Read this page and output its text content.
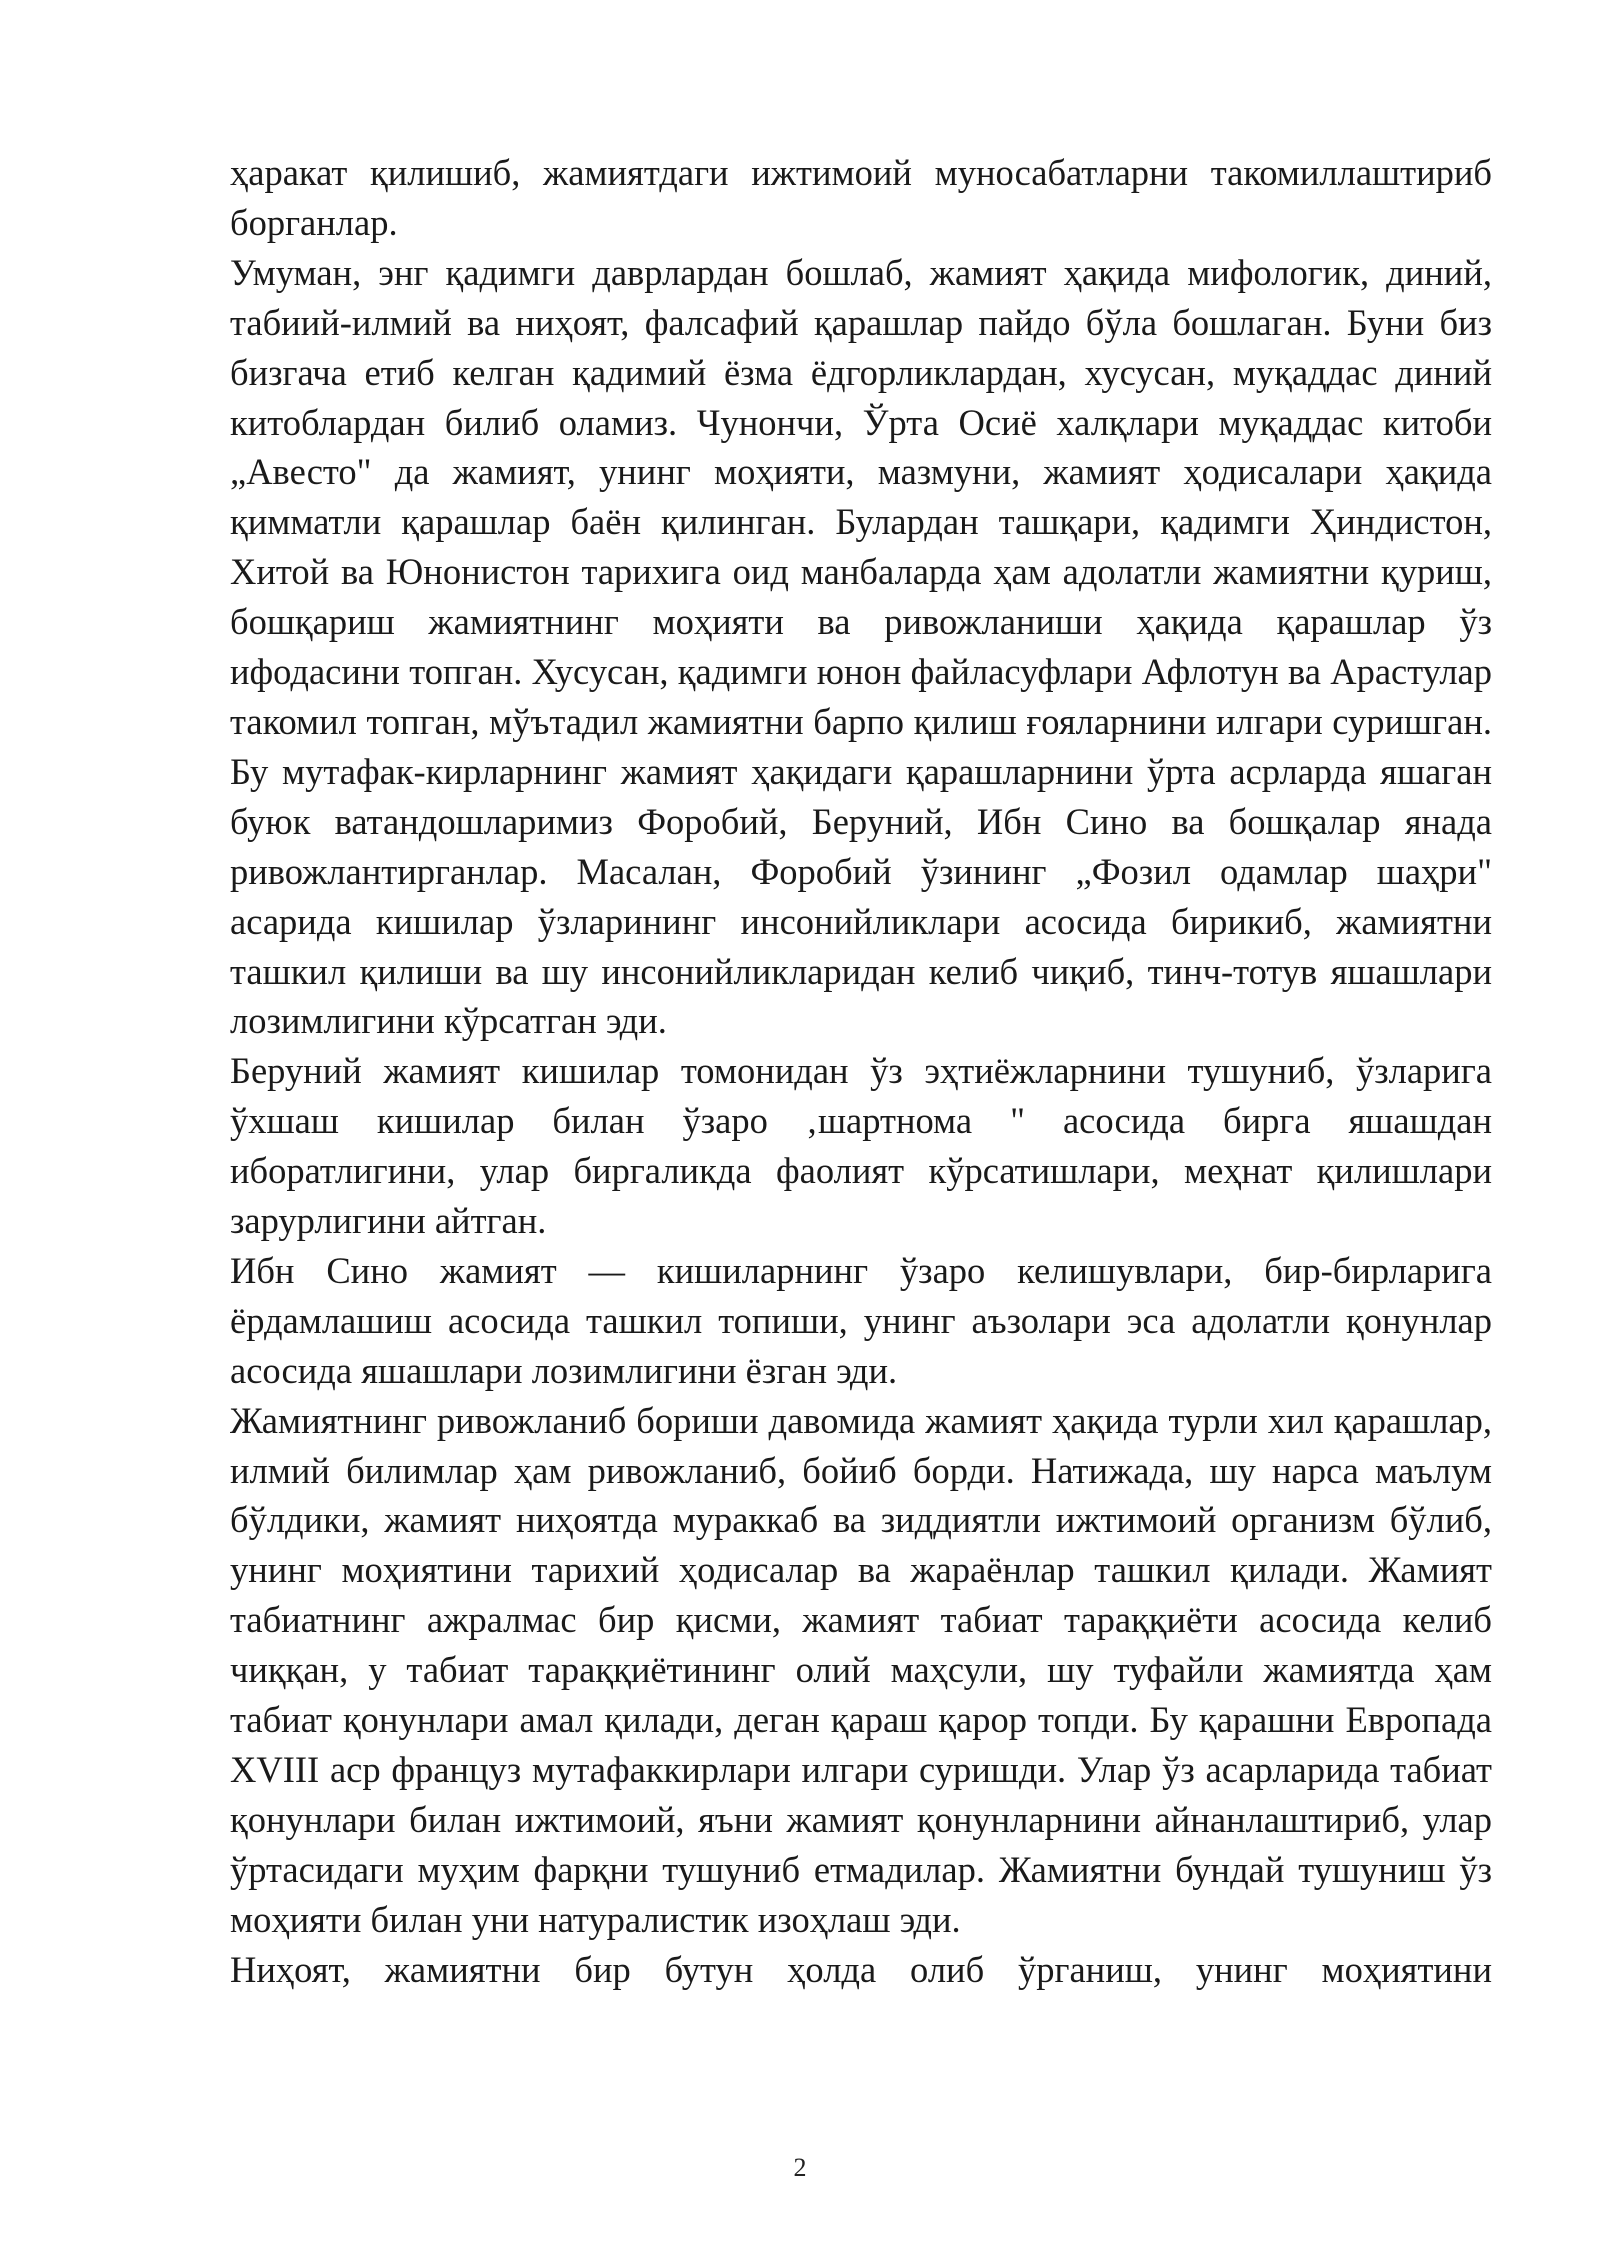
ҳаракат қилишиб, жамиятдаги ижтимоий муносабатларни такомиллаштириб борганлар.

Умуман, энг қадимги даврлардан бошлаб, жамият ҳақида мифологик, диний, табиий-илмий ва ниҳоят, фалсафий қарашлар пайдо бўла бошлаган. Буни биз бизгача етиб келган қадимий ёзма ёдгорликлардан, хусусан, муқаддас диний китоблардан билиб оламиз. Чунончи, Ўрта Осиё халқлари муқаддас китоби „Авесто" да жамият, унинг моҳияти, мазмуни, жамият ҳодисалари ҳақида қимматли қарашлар баён қилинган. Булардан ташқари, қадимги Ҳиндистон, Хитой ва Юнонистон тарихига оид манбаларда ҳам адолатли жамиятни қуриш, бошқариш жамиятнинг моҳияти ва ривожланиши ҳақида қарашлар ўз ифодасини топган. Хусусан, қадимги юнон файласуфлари Афлотун ва Арастулар такомил топган, мўътадил жамиятни барпо қилиш ғояларнини илгари суришган. Бу мутафак-кирларнинг жамият ҳақидаги қарашларнини ўрта асрларда яшаган буюк ватандошларимиз Форобий, Беруний, Ибн Сино ва бошқалар янада ривожлантирганлар. Масалан, Форобий ўзининг „Фозил одамлар шаҳри" асарида кишилар ўзларининг инсонийликлари асосида бирикиб, жамиятни ташкил қилиши ва шу инсонийликларидан келиб чиқиб, тинч-тотув яшашлари лозимлигини кўрсатган эди.

Беруний жамият кишилар томонидан ўз эҳтиёжларнини тушуниб, ўзларига ўхшаш кишилар билан ўзаро ‚шартнома " асосида бирга яшашдан иборатлигини, улар биргаликда фаолият кўрсатишлари, меҳнат қилишлари зарурлигини айтган.

Ибн Сино жамият — кишиларнинг ўзаро келишувлари, бир-бирларига ёрдамлашиш асосида ташкил топиши, унинг аъзолари эса адолатли қонунлар асосида яшашлари лозимлигини ёзган эди.

Жамиятнинг ривожланиб бориши давомида жамият ҳақида турли хил қарашлар, илмий билимлар ҳам ривожланиб, бойиб борди. Натижада, шу нарса маълум бўлдики, жамият ниҳоятда мураккаб ва зиддиятли ижтимоий организм бўлиб, унинг моҳиятини тарихий ҳодисалар ва жараёнлар ташкил қилади. Жамият табиатнинг ажралмас бир қисми, жамият табиат тараққиёти асосида келиб чиққан, у табиат тараққиётининг олий маҳсули, шу туфайли жамиятда ҳам табиат қонунлари амал қилади, деган қараш қарор топди. Бу қарашни Европада XVIII аср француз мутафаккирлари илгари суришди. Улар ўз асарларида табиат қонунлари билан ижтимоий, яъни жамият қонунларнини айнанлаштириб, улар ўртасидаги муҳим фарқни тушуниб етмадилар. Жамиятни бундай тушуниш ўз моҳияти билан уни натуралистик изоҳлаш эди.

Ниҳоят, жамиятни бир бутун ҳолда олиб ўрганиш, унинг моҳиятини

2
